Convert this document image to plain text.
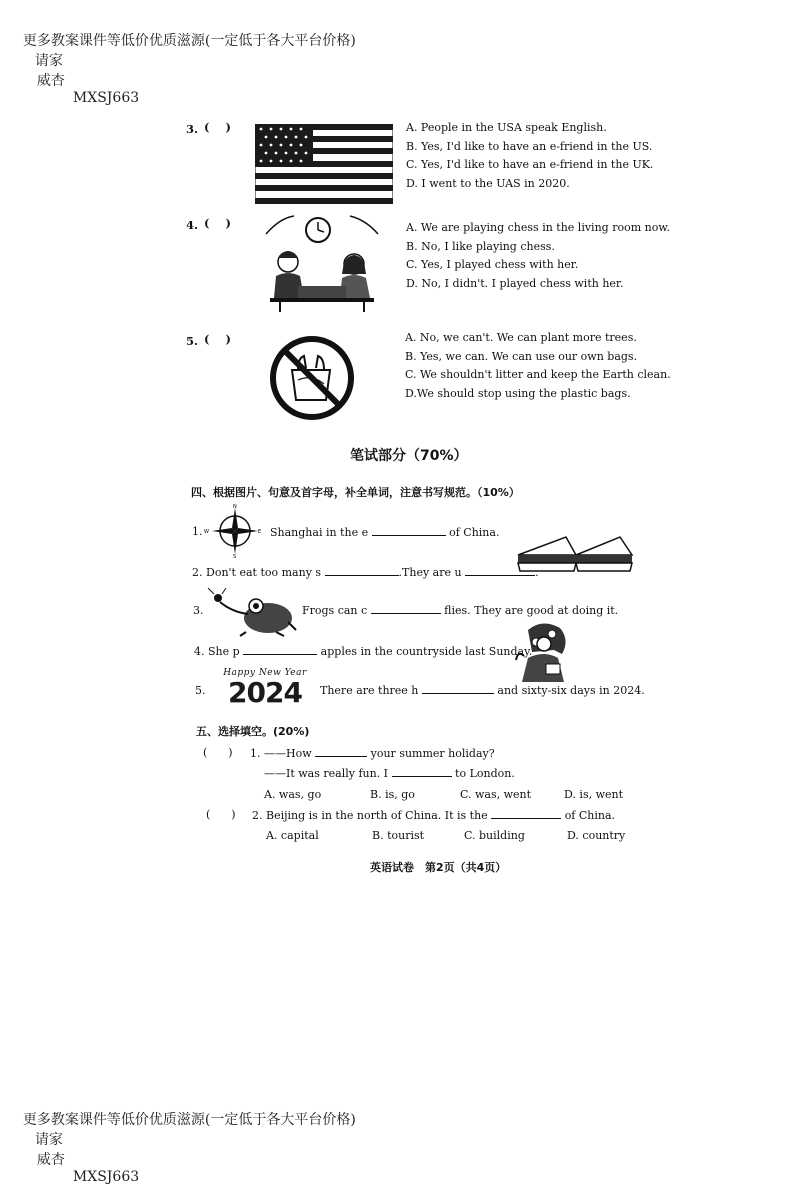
更多教案课件等低价优质滋源(一定低于各大平台价格)
请家
威杏
MXSJ663

3. (    )	A. People in the USA speak English.
B. Yes, I'd like to have an e-friend in the US.
C. Yes, I'd like to have an e-friend in the UK.
D. I went to the UAS in 2020.
4. (    )	A. We are playing chess in the living room now.
B. No, I like playing chess.
C. Yes, I played chess with her.
D. No, I didn't. I played chess with her.
5. (    )	A. No, we can't. We can plant more trees.
B. Yes, we can. We can use our own bags.
C. We shouldn't litter and keep the Earth clean.
D.We should stop using the plastic bags.
笔试部分（70%）
四、根据图片、句意及首字母，补全单词，注意书写规范。（10%）
1.
N
S
E
W	Shanghai in the e	of China.
2. Don't eat too many s	.They are u	.
3.	Frogs can c	flies. They are good at doing it.
4. She p	apples in the countryside last Sunday.
5.
Happy New Year
2024	There are three h	and sixty-six days in 2024.
五、选择填空。(20%)
(      ) 1. ——How	your summer holiday?
——It was really fun. I	to London.
A. was, go	B. is, go	C. was, went	D. is, went
(      ) 2. Beijing is in the north of China. It is the	of China.
A. capital	B. tourist	C. building	D. country
英语试卷　第2页（共4页）

更多教案课件等低价优质滋源(一定低于各大平台价格)
请家
威杏
MXSJ663
